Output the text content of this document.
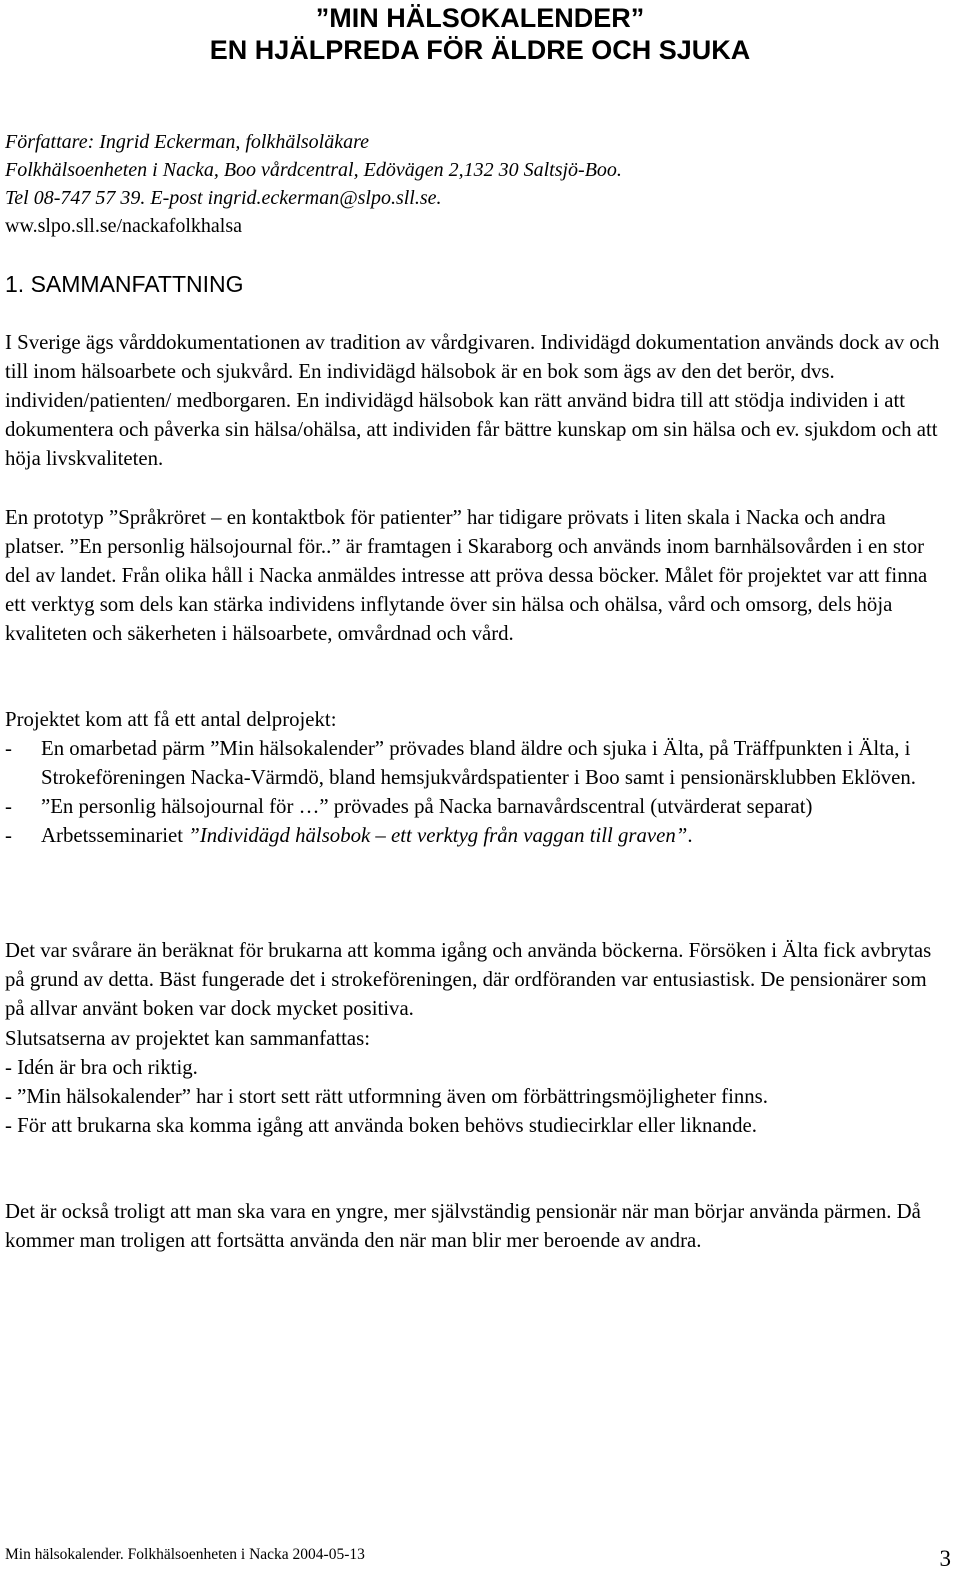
”MIN HÄLSOKALENDER”
EN HJÄLPREDA FÖR ÄLDRE OCH SJUKA
Författare: Ingrid Eckerman, folkhälsoläkare
Folkhälsoenheten i Nacka, Boo vårdcentral, Edövägen 2,132 30 Saltsjö-Boo.
Tel 08-747 57 39. E-post ingrid.eckerman@slpo.sll.se.
ww.slpo.sll.se/nackafolkhalsa
1. SAMMANFATTNING

I Sverige ägs vårddokumentationen av tradition av vårdgivaren. Individägd dokumentation används dock av och till inom hälsoarbete och sjukvård. En individägd hälsobok är en bok som ägs av den det berör, dvs. individen/patienten/ medborgaren. En individägd hälsobok kan rätt använd bidra till att stödja individen i att dokumentera och påverka sin hälsa/ohälsa, att individen får bättre kunskap om sin hälsa och ev. sjukdom och att höja livskvaliteten.

En prototyp ”Språkröret – en kontaktbok för patienter” har tidigare prövats i liten skala i Nacka och andra platser. ”En personlig hälsojournal för..” är framtagen i Skaraborg och används inom barnhälsovården i en stor del av landet. Från olika håll i Nacka anmäldes intresse att pröva dessa böcker. Målet för projektet var att finna ett verktyg som dels kan stärka individens inflytande över sin hälsa och ohälsa, vård och omsorg, dels höja kvaliteten och säkerheten i hälsoarbete, omvårdnad och vård.

Projektet kom att få ett antal delprojekt:

- En omarbetad pärm ”Min hälsokalender” prövades bland äldre och sjuka i Älta, på Träffpunkten i Älta, i Strokeföreningen Nacka-Värmdö, bland hemsjukvårdspatienter i Boo samt i pensionärsklubben Eklöven.
- ”En personlig hälsojournal för …” prövades på Nacka barnavårdscentral (utvärderat separat)
- Arbetsseminariet ”Individägd hälsobok – ett verktyg från vaggan till graven”.

Det var svårare än beräknat för brukarna att komma igång och använda böckerna. Försöken i Älta fick avbrytas på grund av detta. Bäst fungerade det i strokeföreningen, där ordföranden var entusiastisk. De pensionärer som på allvar använt boken var dock mycket positiva.

Slutsatserna av projektet kan sammanfattas:

- Idén är bra och riktig.
- ”Min hälsokalender” har i stort sett rätt utformning även om förbättringsmöjligheter finns.
- För att brukarna ska komma igång att använda boken behövs studiecirklar eller liknande.

Det är också troligt att man ska vara en yngre, mer självständig pensionär när man börjar använda pärmen. Då kommer man troligen att fortsätta använda den när man blir mer beroende av andra.

Min hälsokalender. Folkhälsoenheten i Nacka 2004-05-13	3
